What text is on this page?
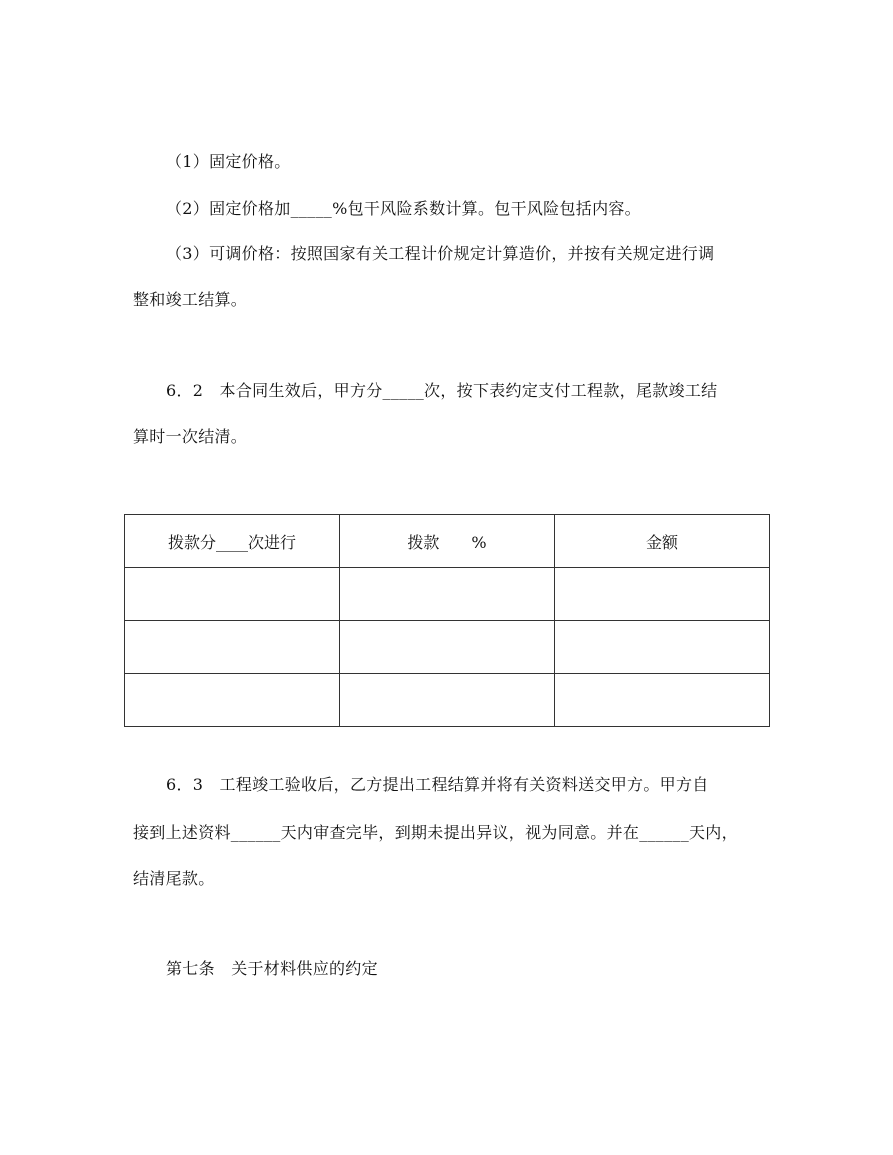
（1）固定价格。
（2）固定价格加_____%包干风险系数计算。包干风险包括内容。
（3）可调价格：按照国家有关工程计价规定计算造价，并按有关规定进行调
整和竣工结算。
6．2　本合同生效后，甲方分_____次，按下表约定支付工程款，尾款竣工结
算时一次结清。
拨款分____次进行	拨款　　%	金额

6．3　工程竣工验收后，乙方提出工程结算并将有关资料送交甲方。甲方自
接到上述资料______天内审查完毕，到期未提出异议，视为同意。并在______天内，
结清尾款。
第七条　关于材料供应的约定
